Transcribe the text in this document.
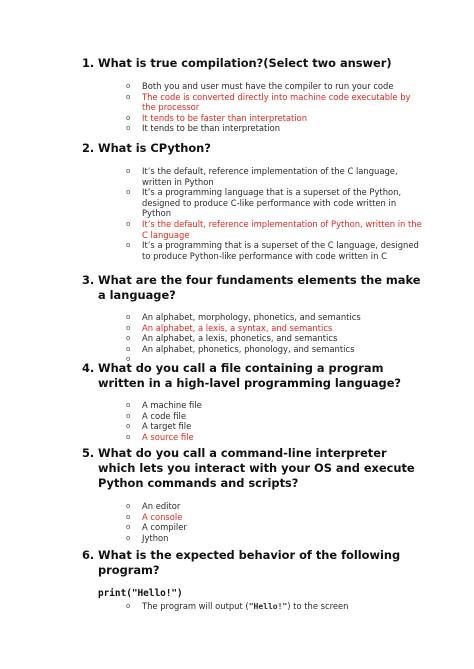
1. What is true compilation?(Select two answer)
o Both you and user must have the compiler to run your code
o The code is converted directly into machine code executable by the processor
o It tends to be faster than interpretation
o It tends to be than interpretation
2. What is CPython?
o It’s the default, reference implementation of the C language, written in Python
o It’s a programming language that is a superset of the Python, designed to produce C-like performance with code written in Python
o It’s the default, reference implementation of Python, written in the C language
o It’s a programming that is a superset of the C language, designed to produce Python-like performance with code written in C
3. What are the four fundaments elements the make a language?
o An alphabet, morphology, phonetics, and semantics
o An alphabet, a lexis, a syntax, and semantics
o An alphabet, a lexis, phonetics, and semantics
o An alphabet, phonetics, phonology, and semantics
o
4. What do you call a file containing a program written in a high-lavel programming language?
o A machine file
o A code file
o A target file
o A source file
5. What do you call a command-line interpreter which lets you interact with your OS and execute Python commands and scripts?
o An editor
o A console
o A compiler
o Jython
6. What is the expected behavior of the following program?
print("Hello!")
o The program will output ("Hello!") to the screen
